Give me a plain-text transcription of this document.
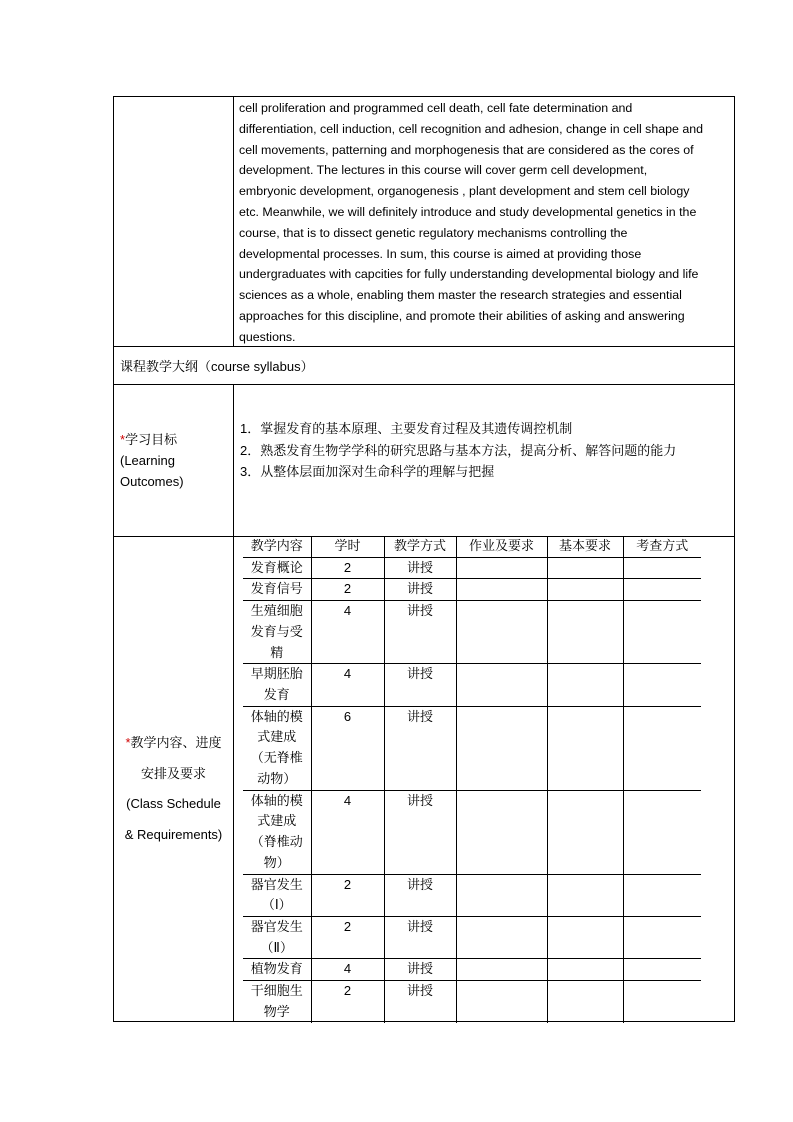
cell proliferation and programmed cell death, cell fate determination and
differentiation, cell induction, cell recognition and adhesion, change in cell shape and
cell movements, patterning and morphogenesis that are considered as the cores of
development. The lectures in this course will cover germ cell development,
embryonic development, organogenesis , plant development and stem cell biology
etc. Meanwhile, we will definitely introduce and study developmental genetics in the
course, that is to dissect genetic regulatory mechanisms controlling the
developmental processes. In sum, this course is aimed at providing those
undergraduates with capcities for fully understanding developmental biology and life
sciences as a whole, enabling them master the research strategies and essential
approaches for this discipline, and promote their abilities of asking and answering
questions.
课程教学大纲（course syllabus）
*学习目标
(Learning
Outcomes)
1．掌握发育的基本原理、主要发育过程及其遗传调控机制
2．熟悉发育生物学学科的研究思路与基本方法，提高分析、解答问题的能力
3．从整体层面加深对生命科学的理解与把握
*教学内容、进度
安排及要求
(Class Schedule
& Requirements)
教学内容	学时	教学方式	作业及要求	基本要求	考查方式

发育概论	2	讲授			

发育信号	2	讲授			

生殖细胞
发育与受
精	4	讲授			

早期胚胎
发育	4	讲授			

体轴的模
式建成
（无脊椎
动物）	6	讲授			

体轴的模
式建成
（脊椎动
物）	4	讲授			

器官发生
（Ⅰ）	2	讲授			

器官发生
（Ⅱ）	2	讲授			

植物发育	4	讲授			

干细胞生
物学	2	讲授			
